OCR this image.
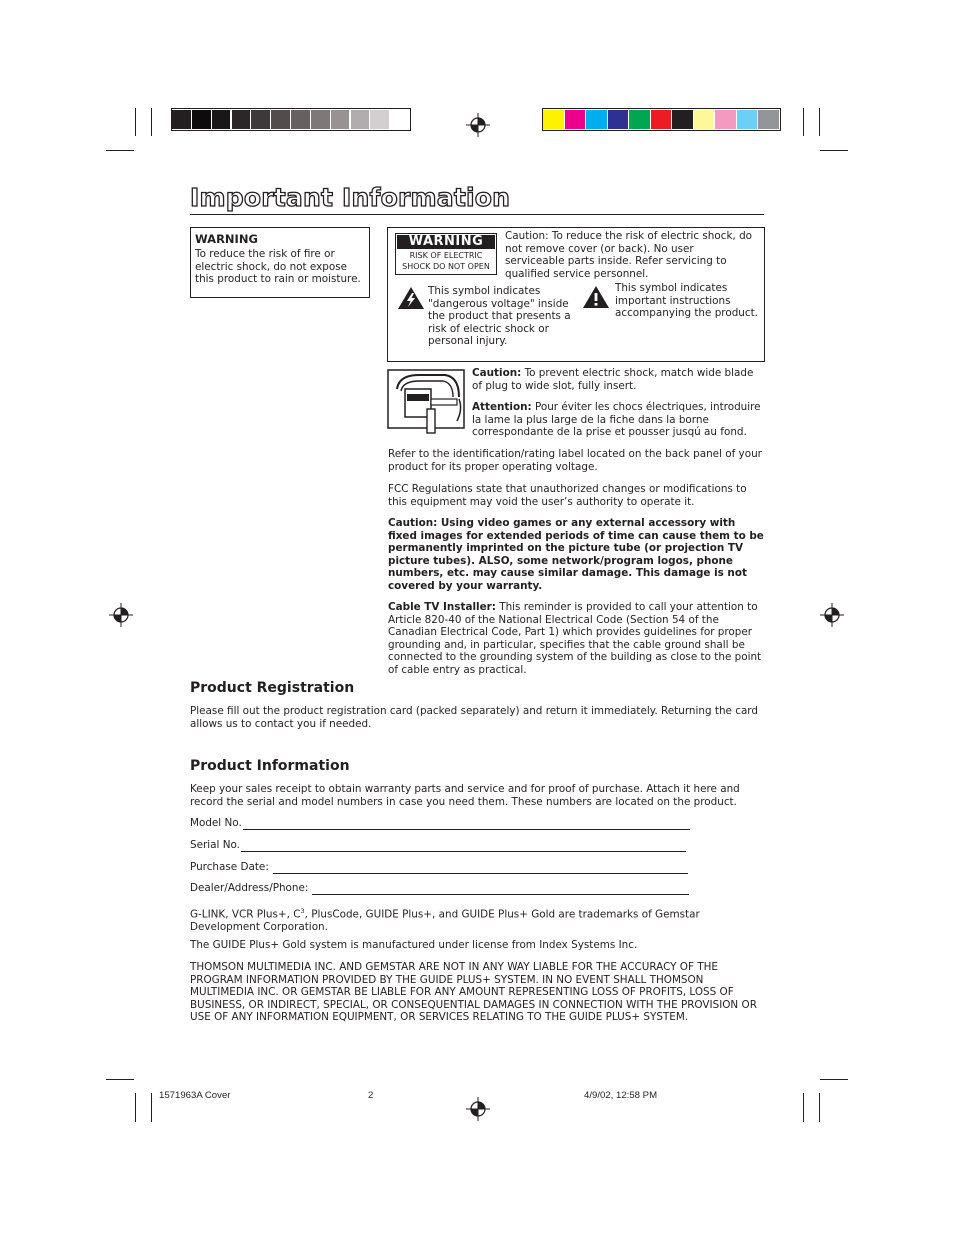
Important Information
WARNING
To reduce the risk of fire or electric shock, do not expose this product to rain or moisture.
WARNING
RISK OF ELECTRIC
SHOCK DO NOT OPEN
Caution: To reduce the risk of electric shock, do not remove cover (or back). No user serviceable parts inside. Refer servicing to qualified service personnel.
This symbol indicates "dangerous voltage" inside the product that presents a risk of electric shock or personal injury.
This symbol indicates important instructions accompanying the product.
Caution: To prevent electric shock, match wide blade of plug to wide slot, fully insert.
Attention: Pour éviter les chocs électriques, introduire la lame la plus large de la fiche dans la borne correspondante de la prise et pousser jusqú au fond.
Refer to the identification/rating label located on the back panel of your product for its proper operating voltage.
FCC Regulations state that unauthorized changes or modifications to this equipment may void the user’s authority to operate it.
Caution: Using video games or any external accessory with fixed images for extended periods of time can cause them to be permanently imprinted on the picture tube (or projection TV picture tubes). ALSO, some network/program logos, phone numbers, etc. may cause similar damage. This damage is not covered by your warranty.
Cable TV Installer: This reminder is provided to call your attention to Article 820-40 of the National Electrical Code (Section 54 of the Canadian Electrical Code, Part 1) which provides guidelines for proper grounding and, in particular, specifies that the cable ground shall be connected to the grounding system of the building as close to the point of cable entry as practical.
Product Registration
Please fill out the product registration card (packed separately) and return it immediately. Returning the card allows us to contact you if needed.
Product Information
Keep your sales receipt to obtain warranty parts and service and for proof of purchase. Attach it here and record the serial and model numbers in case you need them. These numbers are located on the product.
Model No.
Serial No.
Purchase Date:
Dealer/Address/Phone:
G-LINK, VCR Plus+, $C^3$, PlusCode, GUIDE Plus+, and GUIDE Plus+ Gold are trademarks of Gemstar Development Corporation.
The GUIDE Plus+ Gold system is manufactured under license from Index Systems Inc.
THOMSON MULTIMEDIA INC. AND GEMSTAR ARE NOT IN ANY WAY LIABLE FOR THE ACCURACY OF THE PROGRAM INFORMATION PROVIDED BY THE GUIDE PLUS+ SYSTEM. IN NO EVENT SHALL THOMSON MULTIMEDIA INC. OR GEMSTAR BE LIABLE FOR ANY AMOUNT REPRESENTING LOSS OF PROFITS, LOSS OF BUSINESS, OR INDIRECT, SPECIAL, OR CONSEQUENTIAL DAMAGES IN CONNECTION WITH THE PROVISION OR USE OF ANY INFORMATION EQUIPMENT, OR SERVICES RELATING TO THE GUIDE PLUS+ SYSTEM.
1571963A Cover	2	4/9/02, 12:58 PM
